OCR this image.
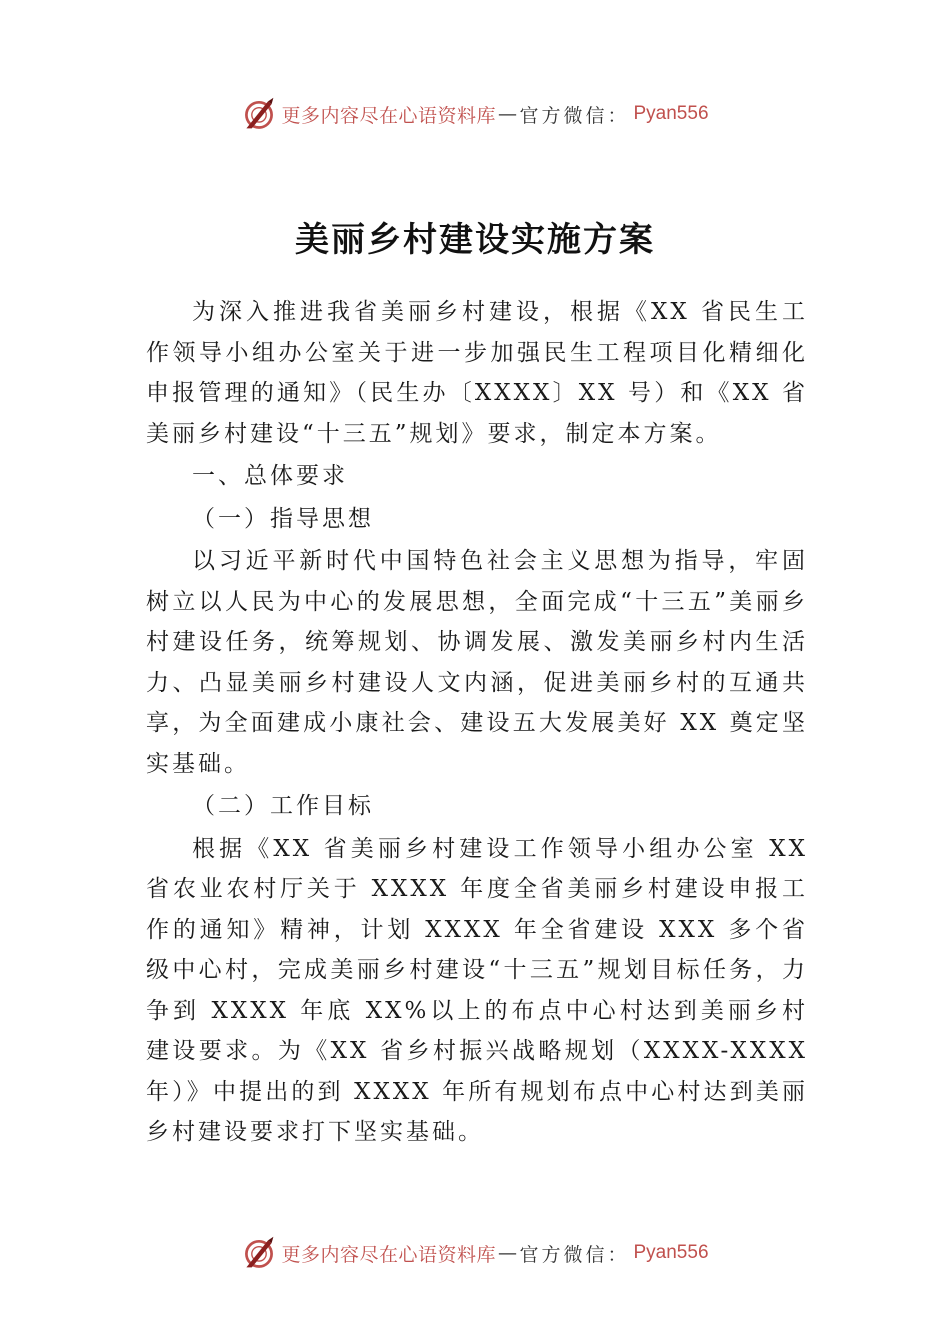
更多内容尽在心语资料库 — 官方微信： Pyan556
美丽乡村建设实施方案

为深入推进我省美丽乡村建设，根据《XX 省民生工作领导小组办公室关于进一步加强民生工程项目化精细化申报管理的通知》（民生办〔XXXX〕XX 号）和《XX 省美丽乡村建设“十三五”规划》要求，制定本方案。

一、总体要求

（一）指导思想

以习近平新时代中国特色社会主义思想为指导，牢固树立以人民为中心的发展思想，全面完成“十三五”美丽乡村建设任务，统筹规划、协调发展、激发美丽乡村内生活力、凸显美丽乡村建设人文内涵，促进美丽乡村的互通共享，为全面建成小康社会、建设五大发展美好 XX 奠定坚实基础。

（二）工作目标

根据《XX 省美丽乡村建设工作领导小组办公室 XX 省农业农村厅关于 XXXX 年度全省美丽乡村建设申报工作的通知》精神，计划 XXXX 年全省建设 XXX 多个省级中心村，完成美丽乡村建设“十三五”规划目标任务，力争到 XXXX 年底 XX%以上的布点中心村达到美丽乡村建设要求。为《XX 省乡村振兴战略规划（XXXX-XXXX 年）》中提出的到 XXXX 年所有规划布点中心村达到美丽乡村建设要求打下坚实基础。

更多内容尽在心语资料库 — 官方微信： Pyan556
